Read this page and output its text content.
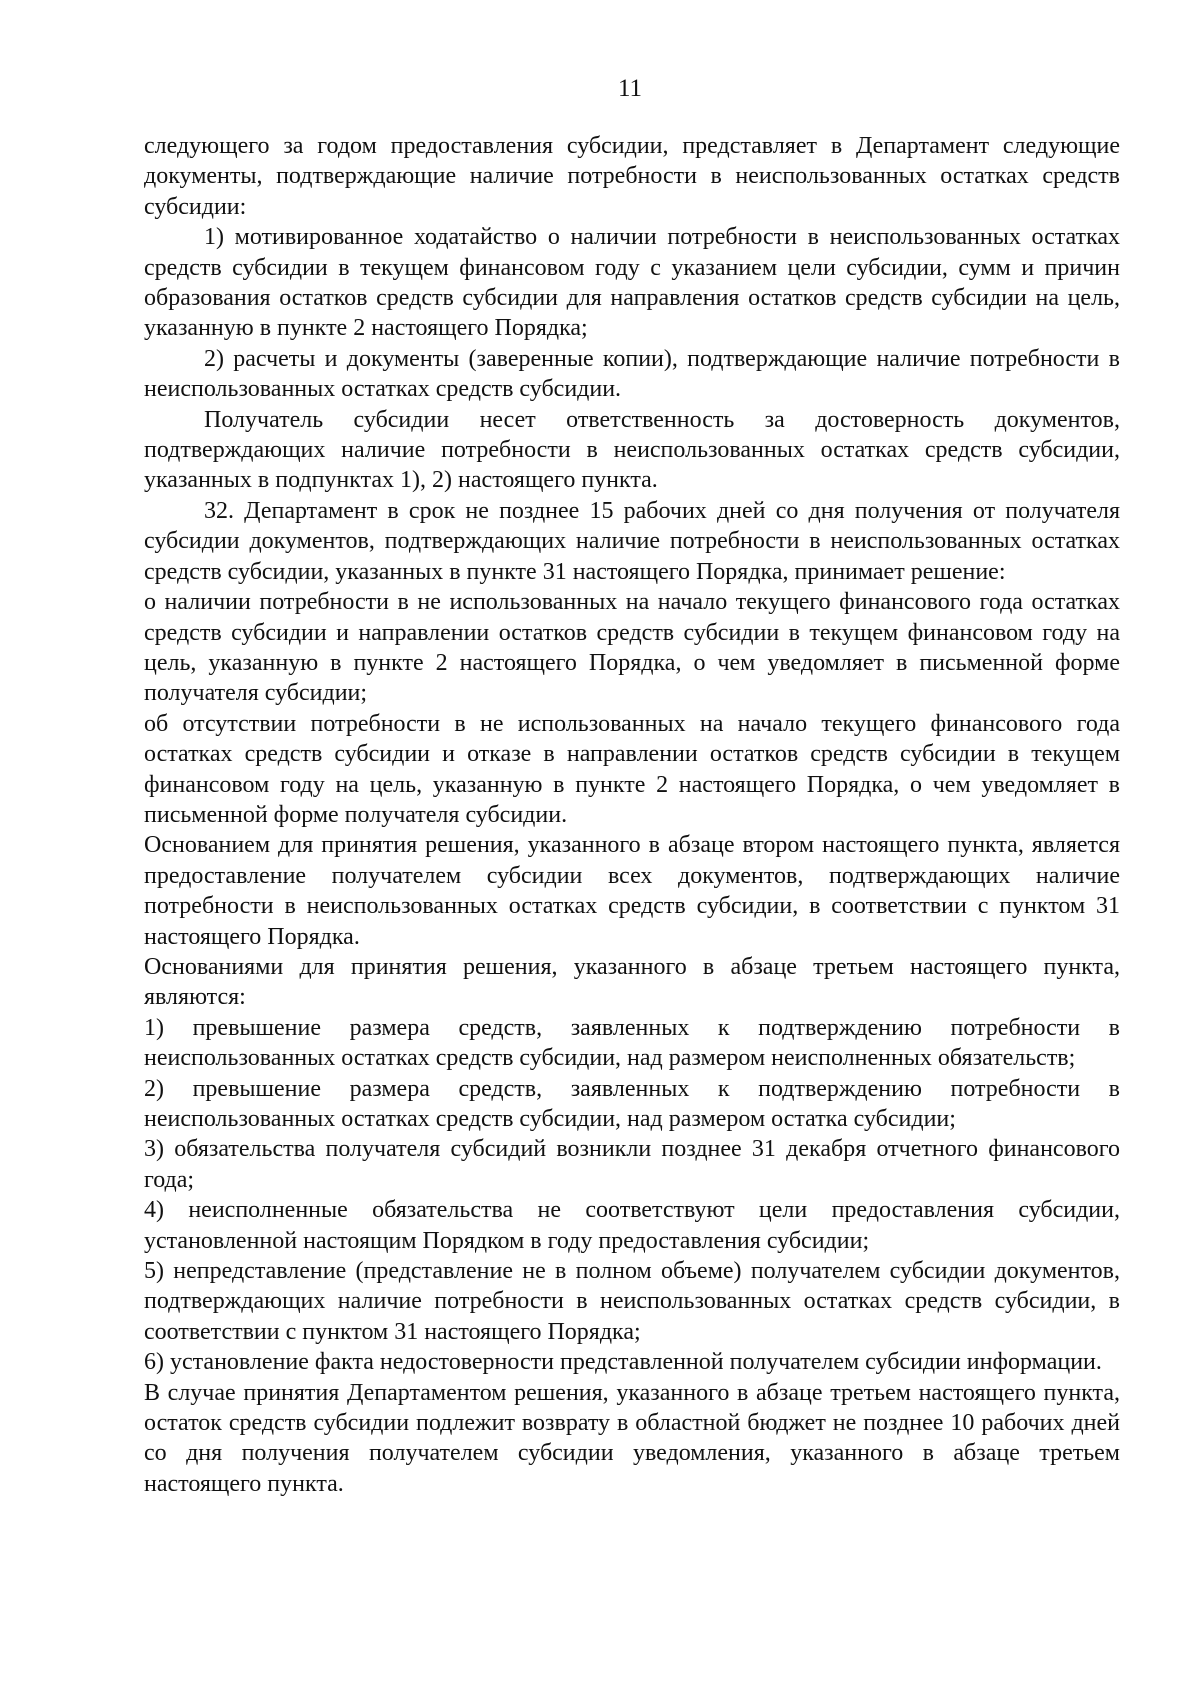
11

следующего за годом предоставления субсидии, представляет в Департамент следующие документы, подтверждающие наличие потребности в неиспользованных остатках средств субсидии:

1) мотивированное ходатайство о наличии потребности в неиспользованных остатках средств субсидии в текущем финансовом году с указанием цели субсидии, сумм и причин образования остатков средств субсидии для направления остатков средств субсидии на цель, указанную в пункте 2 настоящего Порядка;

2) расчеты и документы (заверенные копии), подтверждающие наличие потребности в неиспользованных остатках средств субсидии.

Получатель субсидии несет ответственность за достоверность документов, подтверждающих наличие потребности в неиспользованных остатках средств субсидии, указанных в подпунктах 1), 2) настоящего пункта.

32. Департамент в срок не позднее 15 рабочих дней со дня получения от получателя субсидии документов, подтверждающих наличие потребности в неиспользованных остатках средств субсидии, указанных в пункте 31 настоящего Порядка, принимает решение:

о наличии потребности в не использованных на начало текущего финансового года остатках средств субсидии и направлении остатков средств субсидии в текущем финансовом году на цель, указанную в пункте 2 настоящего Порядка, о чем уведомляет в письменной форме получателя субсидии;

об отсутствии потребности в не использованных на начало текущего финансового года остатках средств субсидии и отказе в направлении остатков средств субсидии в текущем финансовом году на цель, указанную в пункте 2 настоящего Порядка, о чем уведомляет в письменной форме получателя субсидии.

Основанием для принятия решения, указанного в абзаце втором настоящего пункта, является предоставление получателем субсидии всех документов, подтверждающих наличие потребности в неиспользованных остатках средств субсидии, в соответствии с пунктом 31 настоящего Порядка.

Основаниями для принятия решения, указанного в абзаце третьем настоящего пункта, являются:

1) превышение размера средств, заявленных к подтверждению потребности в неиспользованных остатках средств субсидии, над размером неисполненных обязательств;

2) превышение размера средств, заявленных к подтверждению потребности в неиспользованных остатках средств субсидии, над размером остатка субсидии;

3) обязательства получателя субсидий возникли позднее 31 декабря отчетного финансового года;

4) неисполненные обязательства не соответствуют цели предоставления субсидии, установленной настоящим Порядком в году предоставления субсидии;

5) непредставление (представление не в полном объеме) получателем субсидии документов, подтверждающих наличие потребности в неиспользованных остатках средств субсидии, в соответствии с пунктом 31 настоящего Порядка;

6) установление факта недостоверности представленной получателем субсидии информации.

В случае принятия Департаментом решения, указанного в абзаце третьем настоящего пункта, остаток средств субсидии подлежит возврату в областной бюджет не позднее 10 рабочих дней со дня получения получателем субсидии уведомления, указанного в абзаце третьем настоящего пункта.
